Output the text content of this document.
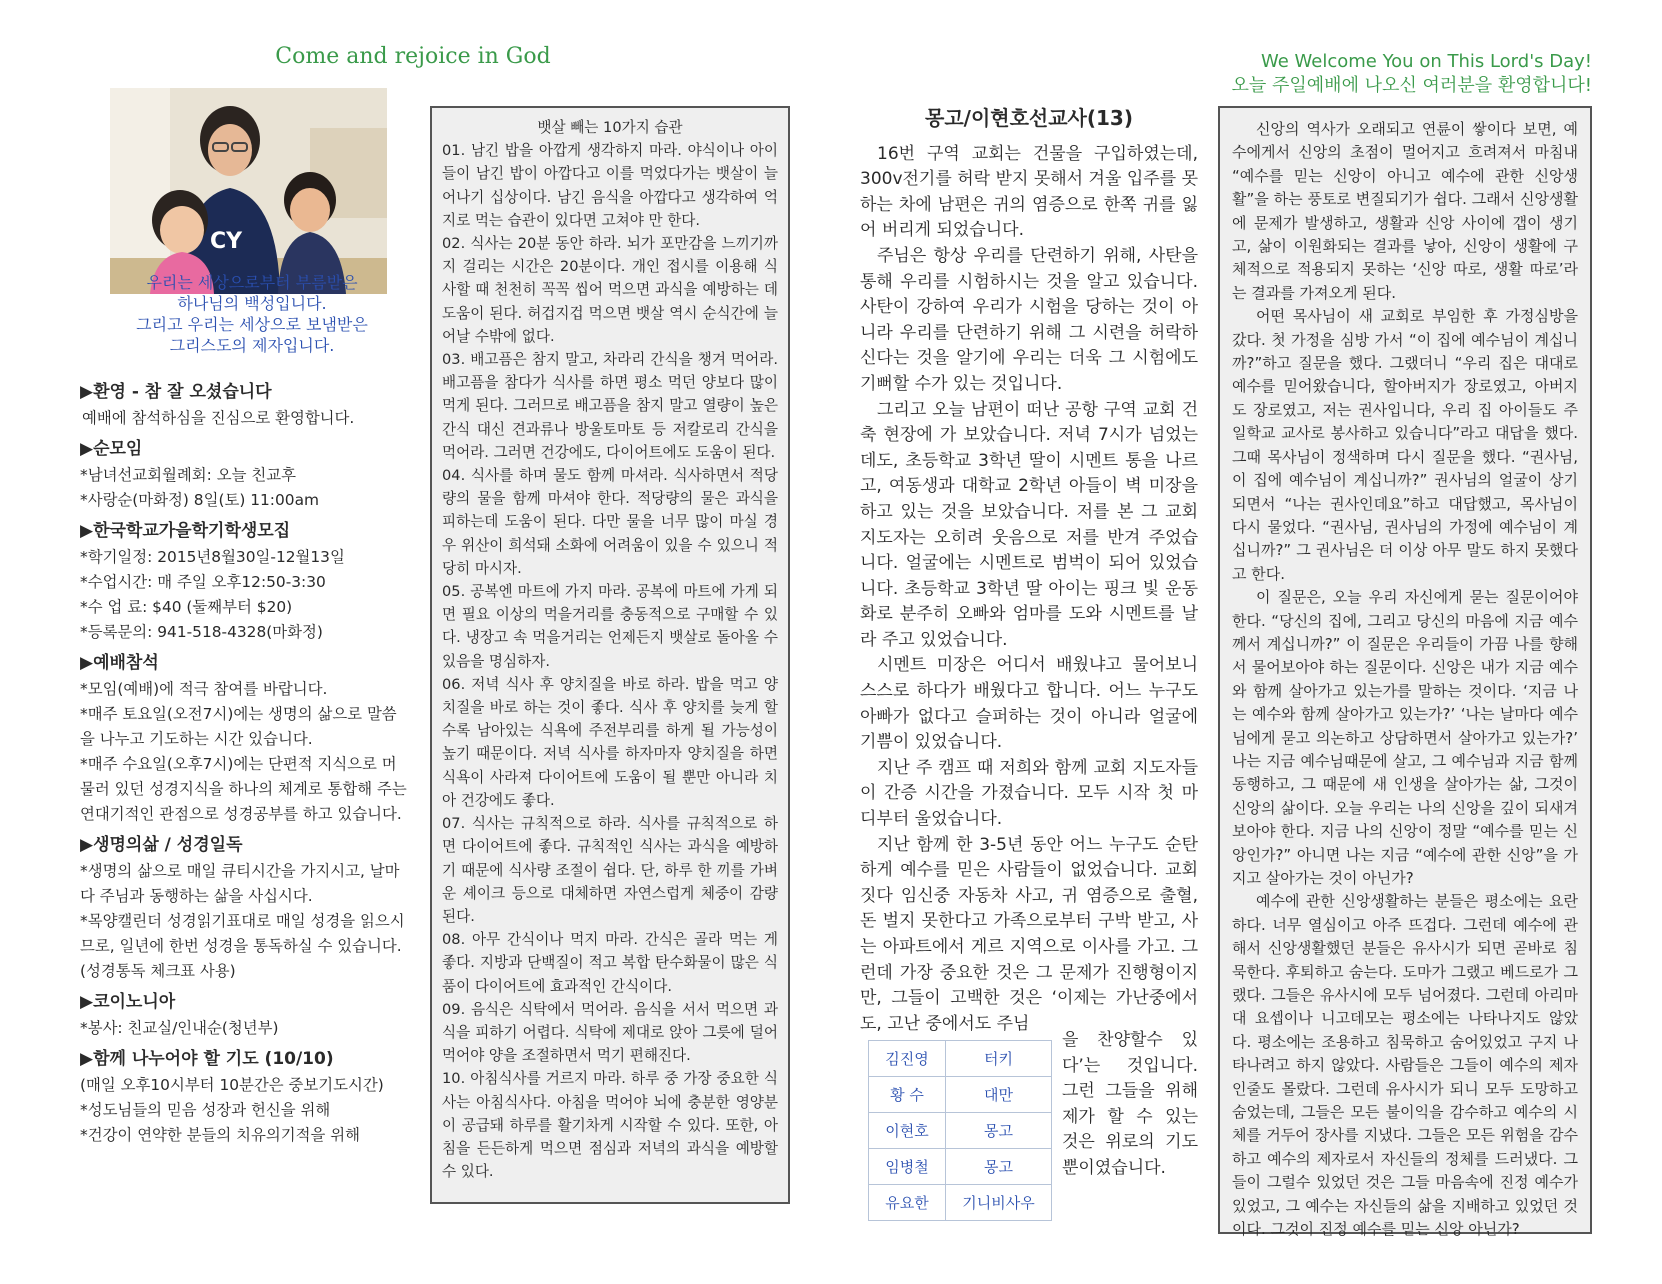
Come and rejoice in God	We Welcome You on This Lord's Day!
오늘 주일예배에 나오신 여러분을 환영합니다!
CY
우리는 세상으로부터 부름받은
하나님의 백성입니다.
그리고 우리는 세상으로 보냄받은
그리스도의 제자입니다.
▶환영 - 참 잘 오셨습니다
예배에 참석하심을 진심으로 환영합니다.
▶순모임
*남녀선교회월례회: 오늘 친교후
*사랑순(마화정) 8일(토) 11:00am
▶한국학교가을학기학생모집
*학기일정: 2015년8월30일-12월13일
*수업시간: 매 주일 오후12:50-3:30
*수 업 료: $40 (둘째부터 $20)
*등록문의: 941-518-4328(마화정)
▶예배참석
*모임(예배)에 적극 참여를 바랍니다.
*매주 토요일(오전7시)에는 생명의 삶으로 말씀을 나누고 기도하는 시간 있습니다.
*매주 수요일(오후7시)에는 단편적 지식으로 머물러 있던 성경지식을 하나의 체계로 통합해 주는 연대기적인 관점으로 성경공부를 하고 있습니다.
▶생명의삶 / 성경일독
*생명의 삶으로 매일 큐티시간을 가지시고, 날마다 주님과 동행하는 삶을 사십시다.
*목양캘린더 성경읽기표대로 매일 성경을 읽으시므로, 일년에 한번 성경을 통독하실 수 있습니다. (성경통독 체크표 사용)
▶코이노니아
*봉사: 친교실/인내순(청년부)
▶함께 나누어야 할 기도 (10/10)
(매일 오후10시부터 10분간은 중보기도시간)
*성도님들의 믿음 성장과 헌신을 위해
*건강이 연약한 분들의 치유의기적을 위해
뱃살 빼는 10가지 습관
01. 남긴 밥을 아깝게 생각하지 마라. 야식이나 아이들이 남긴 밥이 아깝다고 이를 먹었다가는 뱃살이 늘어나기 십상이다. 남긴 음식을 아깝다고 생각하여 억지로 먹는 습관이 있다면 고쳐야 만 한다.
02. 식사는 20분 동안 하라. 뇌가 포만감을 느끼기까지 걸리는 시간은 20분이다. 개인 접시를 이용해 식사할 때 천천히 꼭꼭 씹어 먹으면 과식을 예방하는 데 도움이 된다. 허겁지겁 먹으면 뱃살 역시 순식간에 늘어날 수밖에 없다.
03. 배고픔은 참지 말고, 차라리 간식을 챙겨 먹어라. 배고픔을 참다가 식사를 하면 평소 먹던 양보다 많이 먹게 된다. 그러므로 배고픔을 참지 말고 열량이 높은 간식 대신 견과류나 방울토마토 등 저칼로리 간식을 먹어라. 그러면 건강에도, 다이어트에도 도움이 된다.
04. 식사를 하며 물도 함께 마셔라. 식사하면서 적당량의 물을 함께 마셔야 한다. 적당량의 물은 과식을 피하는데 도움이 된다. 다만 물을 너무 많이 마실 경우 위산이 희석돼 소화에 어려움이 있을 수 있으니 적당히 마시자.
05. 공복엔 마트에 가지 마라. 공복에 마트에 가게 되면 필요 이상의 먹을거리를 충동적으로 구매할 수 있다. 냉장고 속 먹을거리는 언제든지 뱃살로 돌아올 수 있음을 명심하자.
06. 저녁 식사 후 양치질을 바로 하라. 밥을 먹고 양치질을 바로 하는 것이 좋다. 식사 후 양치를 늦게 할수록 남아있는 식욕에 주전부리를 하게 될 가능성이 높기 때문이다. 저녁 식사를 하자마자 양치질을 하면 식욕이 사라져 다이어트에 도움이 될 뿐만 아니라 치아 건강에도 좋다.
07. 식사는 규칙적으로 하라. 식사를 규칙적으로 하면 다이어트에 좋다. 규칙적인 식사는 과식을 예방하기 때문에 식사량 조절이 쉽다. 단, 하루 한 끼를 가벼운 셰이크 등으로 대체하면 자연스럽게 체중이 감량된다.
08. 아무 간식이나 먹지 마라. 간식은 골라 먹는 게 좋다. 지방과 단백질이 적고 복합 탄수화물이 많은 식품이 다이어트에 효과적인 간식이다.
09. 음식은 식탁에서 먹어라. 음식을 서서 먹으면 과식을 피하기 어렵다. 식탁에 제대로 앉아 그릇에 덜어먹어야 양을 조절하면서 먹기 편해진다.
10. 아침식사를 거르지 마라. 하루 중 가장 중요한 식사는 아침식사다. 아침을 먹어야 뇌에 충분한 영양분이 공급돼 하루를 활기차게 시작할 수 있다. 또한, 아침을 든든하게 먹으면 점심과 저녁의 과식을 예방할 수 있다.
몽고/이현호선교사(13)
16번 구역 교회는 건물을 구입하였는데, 300v전기를 허락 받지 못해서 겨울 입주를 못하는 차에 남편은 귀의 염증으로 한쪽 귀를 잃어 버리게 되었습니다.
주님은 항상 우리를 단련하기 위해, 사탄을 통해 우리를 시험하시는 것을 알고 있습니다. 사탄이 강하여 우리가 시험을 당하는 것이 아니라 우리를 단련하기 위해 그 시련을 허락하신다는 것을 알기에 우리는 더욱 그 시험에도 기뻐할 수가 있는 것입니다.
그리고 오늘 남편이 떠난 공항 구역 교회 건축 현장에 가 보았습니다. 저녁 7시가 넘었는데도, 초등학교 3학년 딸이 시멘트 통을 나르고, 여동생과 대학교 2학년 아들이 벽 미장을 하고 있는 것을 보았습니다. 저를 본 그 교회 지도자는 오히려 웃음으로 저를 반겨 주었습니다. 얼굴에는 시멘트로 범벅이 되어 있었습니다. 초등학교 3학년 딸 아이는 핑크 빛 운동화로 분주히 오빠와 엄마를 도와 시멘트를 날라 주고 있었습니다.
시멘트 미장은 어디서 배웠냐고 물어보니 스스로 하다가 배웠다고 합니다. 어느 누구도 아빠가 없다고 슬퍼하는 것이 아니라 얼굴에 기쁨이 있었습니다.
지난 주 캠프 때 저희와 함께 교회 지도자들이 간증 시간을 가졌습니다. 모두 시작 첫 마디부터 울었습니다.
지난 함께 한 3-5년 동안 어느 누구도 순탄하게 예수를 믿은 사람들이 없었습니다. 교회 짓다 임신중 자동차 사고, 귀 염증으로 출혈, 돈 벌지 못한다고 가족으로부터 구박 받고, 사는 아파트에서 게르 지역으로 이사를 가고. 그런데 가장 중요한 것은 그 문제가 진행형이지만, 그들이 고백한 것은 ‘이제는 가난중에서도, 고난 중에서도 주님
김진영	터키
황 수	대만
이현호	몽고
임병철	몽고
유요한	기니비사우
을 찬양할수 있다’는 것입니다. 그런 그들을 위해 제가 할 수 있는 것은 위로의 기도 뿐이였습니다.
신앙의 역사가 오래되고 연륜이 쌓이다 보면, 예수에게서 신앙의 초점이 멀어지고 흐려져서 마침내 “예수를 믿는 신앙이 아니고 예수에 관한 신앙생활”을 하는 풍토로 변질되기가 쉽다. 그래서 신앙생활에 문제가 발생하고, 생활과 신앙 사이에 갭이 생기고, 삶이 이원화되는 결과를 낳아, 신앙이 생활에 구체적으로 적용되지 못하는 ‘신앙 따로, 생활 따로’라는 결과를 가져오게 된다.
어떤 목사님이 새 교회로 부임한 후 가정심방을 갔다. 첫 가정을 심방 가서 “이 집에 예수님이 계십니까?”하고 질문을 했다. 그랬더니 “우리 집은 대대로 예수를 믿어왔습니다, 할아버지가 장로였고, 아버지도 장로였고, 저는 권사입니다, 우리 집 아이들도 주일학교 교사로 봉사하고 있습니다”라고 대답을 했다. 그때 목사님이 정색하며 다시 질문을 했다. “권사님, 이 집에 예수님이 계십니까?” 권사님의 얼굴이 상기되면서 “나는 권사인데요”하고 대답했고, 목사님이 다시 물었다. “권사님, 권사님의 가정에 예수님이 계십니까?” 그 권사님은 더 이상 아무 말도 하지 못했다고 한다.
이 질문은, 오늘 우리 자신에게 묻는 질문이어야 한다. “당신의 집에, 그리고 당신의 마음에 지금 예수께서 계십니까?” 이 질문은 우리들이 가끔 나를 향해서 물어보아야 하는 질문이다. 신앙은 내가 지금 예수와 함께 살아가고 있는가를 말하는 것이다. ‘지금 나는 예수와 함께 살아가고 있는가?’ ‘나는 날마다 예수님에게 묻고 의논하고 상담하면서 살아가고 있는가?’ 나는 지금 예수님때문에 살고, 그 예수님과 지금 함께 동행하고, 그 때문에 새 인생을 살아가는 삶, 그것이 신앙의 삶이다. 오늘 우리는 나의 신앙을 깊이 되새겨 보아야 한다. 지금 나의 신앙이 정말 “예수를 믿는 신앙인가?” 아니면 나는 지금 “예수에 관한 신앙”을 가지고 살아가는 것이 아닌가?
예수에 관한 신앙생활하는 분들은 평소에는 요란하다. 너무 열심이고 아주 뜨겁다. 그런데 예수에 관해서 신앙생활했던 분들은 유사시가 되면 곧바로 침묵한다. 후퇴하고 숨는다. 도마가 그랬고 베드로가 그랬다. 그들은 유사시에 모두 넘어졌다. 그런데 아리마대 요셉이나 니고데모는 평소에는 나타나지도 않았다. 평소에는 조용하고 침묵하고 숨어있었고 구지 나타나려고 하지 않았다. 사람들은 그들이 예수의 제자인줄도 몰랐다. 그런데 유사시가 되니 모두 도망하고 숨었는데, 그들은 모든 불이익을 감수하고 예수의 시체를 거두어 장사를 지냈다. 그들은 모든 위험을 감수하고 예수의 제자로서 자신들의 정체를 드러냈다. 그들이 그럴수 있었던 것은 그들 마음속에 진정 예수가 있었고, 그 예수는 자신들의 삶을 지배하고 있었던 것이다. 그것이 진정 예수를 믿는 신앙 아닌가?
